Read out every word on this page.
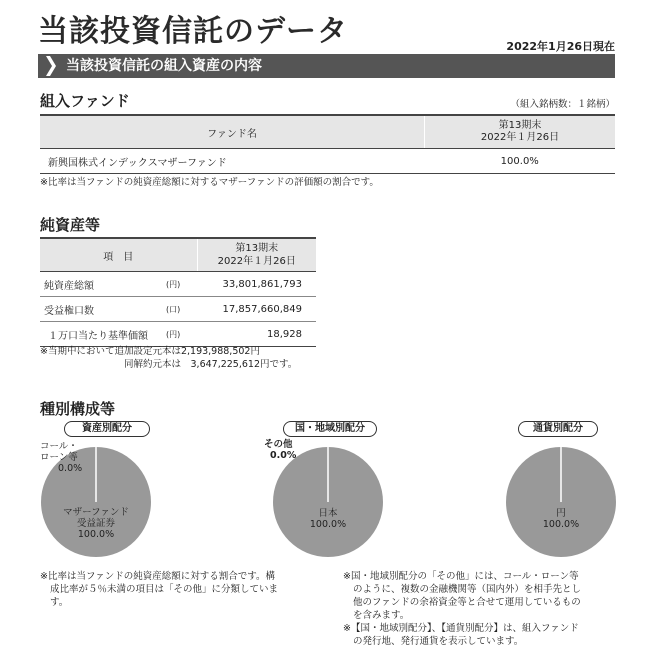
当該投資信託のデータ	2022年1月26日現在
当該投資信託の組入資産の内容
組入ファンド	（組入銘柄数：１銘柄）
ファンド名	第13期末
2022年１月26日

新興国株式インデックスマザーファンド	100.0%
※比率は当ファンドの純資産総額に対するマザーファンドの評価額の割合です。
純資産等
項　目		第13期末
2022年１月26日

純資産総額	(円)	33,801,861,793
受益権口数	(口)	17,857,660,849
１万口当たり基準価額	(円)	18,928
※当期中において追加設定元本は2,193,988,502円
同解約元本は　3,647,225,612円です。
種別構成等
資産別配分
コール・
ローン等
0.0%
マザーファンド
受益証券
100.0%
国・地域別配分
その他
0.0%
日本
100.0%
通貨別配分
円
100.0%
※比率は当ファンドの純資産総額に対する割合です。構
成比率が５％未満の項目は「その他」に分類していま
す。
※国・地域別配分の「その他」には、コール・ローン等
のように、複数の金融機関等（国内外）を相手先とし
他のファンドの余裕資金等と合せて運用しているもの
を含みます。
※【国・地域別配分】、【通貨別配分】は、組入ファンド
の発行地、発行通貨を表示しています。
